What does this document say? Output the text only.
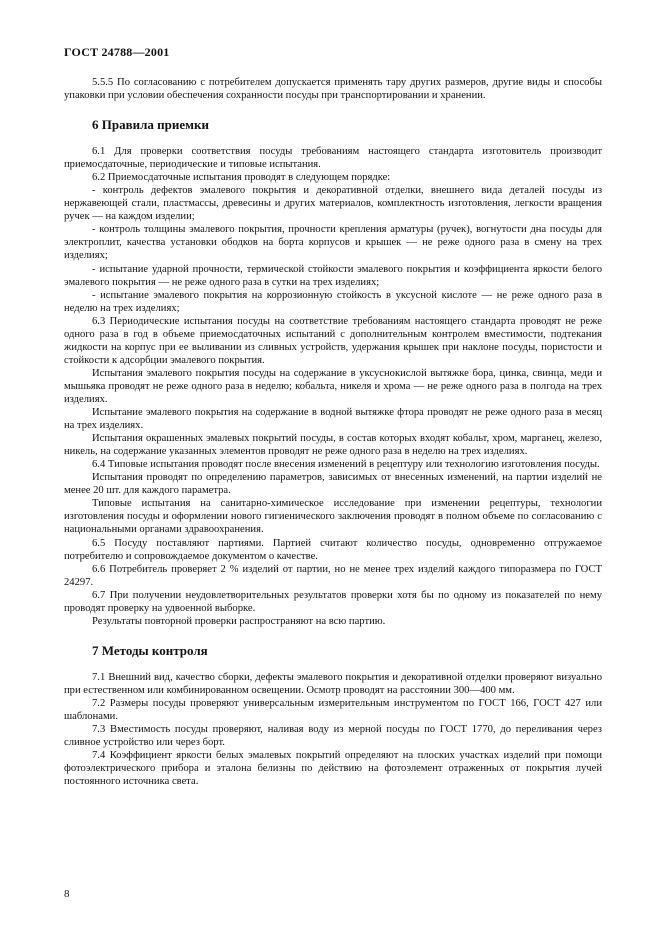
ГОСТ 24788—2001

5.5.5 По согласованию с потребителем допускается применять тару других размеров, другие виды и способы упаковки при условии обеспечения сохранности посуды при транспортировании и хранении.

6 Правила приемки

6.1 Для проверки соответствия посуды требованиям настоящего стандарта изготовитель производит приемосдаточные, периодические и типовые испытания.

6.2 Приемосдаточные испытания проводят в следующем порядке:

- контроль дефектов эмалевого покрытия и декоративной отделки, внешнего вида деталей посуды из нержавеющей стали, пластмассы, древесины и других материалов, комплектность изготовления, легкости вращения ручек — на каждом изделии;

- контроль толщины эмалевого покрытия, прочности крепления арматуры (ручек), вогнутости дна посуды для электроплит, качества установки ободков на борта корпусов и крышек — не реже одного раза в смену на трех изделиях;

- испытание ударной прочности, термической стойкости эмалевого покрытия и коэффициента яркости белого эмалевого покрытия — не реже одного раза в сутки на трех изделиях;

- испытание эмалевого покрытия на коррозионную стойкость в уксусной кислоте — не реже одного раза в неделю на трех изделиях;

6.3 Периодические испытания посуды на соответствие требованиям настоящего стандарта проводят не реже одного раза в год в объеме приемосдаточных испытаний с дополнительным контролем вместимости, подтекания жидкости на корпус при ее выливании из сливных устройств, удержания крышек при наклоне посуды, пористости и стойкости к адсорбции эмалевого покрытия.

Испытания эмалевого покрытия посуды на содержание в уксуснокислой вытяжке бора, цинка, свинца, меди и мышьяка проводят не реже одного раза в неделю; кобальта, никеля и хрома — не реже одного раза в полгода на трех изделиях.

Испытание эмалевого покрытия на содержание в водной вытяжке фтора проводят не реже одного раза в месяц на трех изделиях.

Испытания окрашенных эмалевых покрытий посуды, в состав которых входят кобальт, хром, марганец, железо, никель, на содержание указанных элементов проводят не реже одного раза в неделю на трех изделиях.

6.4 Типовые испытания проводят после внесения изменений в рецептуру или технологию изготовления посуды.

Испытания проводят по определению параметров, зависимых от внесенных изменений, на партии изделий не менее 20 шт. для каждого параметра.

Типовые испытания на санитарно-химическое исследование при изменении рецептуры, технологии изготовления посуды и оформлении нового гигиенического заключения проводят в полном объеме по согласованию с национальными органами здравоохранения.

6.5 Посуду поставляют партиями. Партией считают количество посуды, одновременно отгружаемое потребителю и сопровождаемое документом о качестве.

6.6 Потребитель проверяет 2 % изделий от партии, но не менее трех изделий каждого типоразмера по ГОСТ 24297.

6.7 При получении неудовлетворительных результатов проверки хотя бы по одному из показателей по нему проводят проверку на удвоенной выборке.

Результаты повторной проверки распространяют на всю партию.

7 Методы контроля

7.1 Внешний вид, качество сборки, дефекты эмалевого покрытия и декоративной отделки проверяют визуально при естественном или комбинированном освещении. Осмотр проводят на расстоянии 300—400 мм.

7.2 Размеры посуды проверяют универсальным измерительным инструментом по ГОСТ 166, ГОСТ 427 или шаблонами.

7.3 Вместимость посуды проверяют, наливая воду из мерной посуды по ГОСТ 1770, до переливания через сливное устройство или через борт.

7.4 Коэффициент яркости белых эмалевых покрытий определяют на плоских участках изделий при помощи фотоэлектрического прибора и эталона белизны по действию на фотоэлемент отраженных от покрытия лучей постоянного источника света.

8
